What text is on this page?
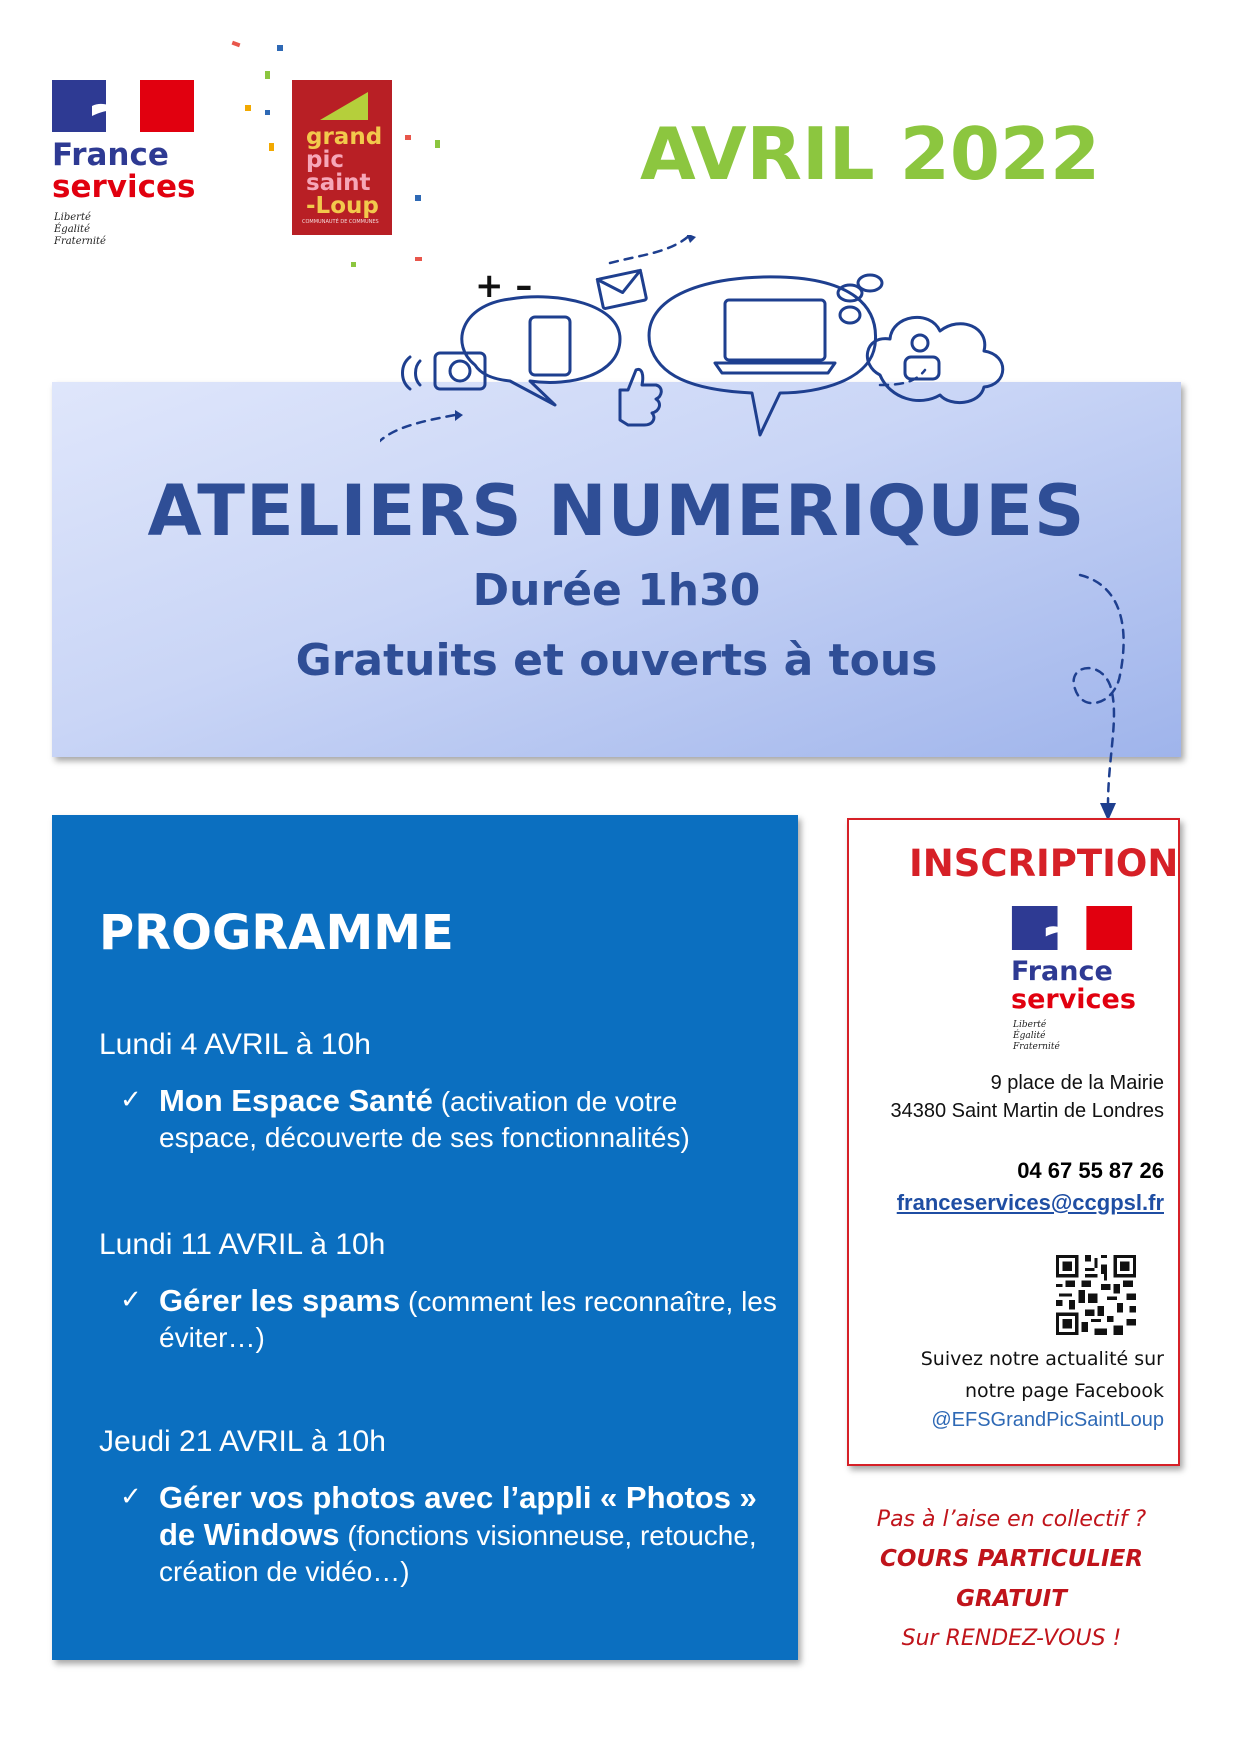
France
services
Liberté
Égalité
Fraternité
grand
pic
saint
-Loup
COMMUNAUTÉ DE COMMUNES
AVRIL 2022
ATELIERS NUMERIQUES
Durée 1h30
Gratuits et ouverts à tous
+ –
PROGRAMME
Lundi 4 AVRIL à 10h
✓ Mon Espace Santé (activation de votre espace, découverte de ses fonctionnalités)
Lundi 11 AVRIL à 10h
✓ Gérer les spams (comment les reconnaître, les éviter…)
Jeudi 21 AVRIL à 10h
✓ Gérer vos photos avec l’appli « Photos » de Windows (fonctions visionneuse, retouche, création de vidéo…)
INSCRIPTION
France
services
Liberté
Égalité
Fraternité
9 place de la Mairie
34380 Saint Martin de Londres
04 67 55 87 26
franceservices@ccgpsl.fr
Suivez notre actualité sur
notre page Facebook
@EFSGrandPicSaintLoup
Pas à l’aise en collectif ?
COURS PARTICULIER
GRATUIT
Sur RENDEZ-VOUS !
